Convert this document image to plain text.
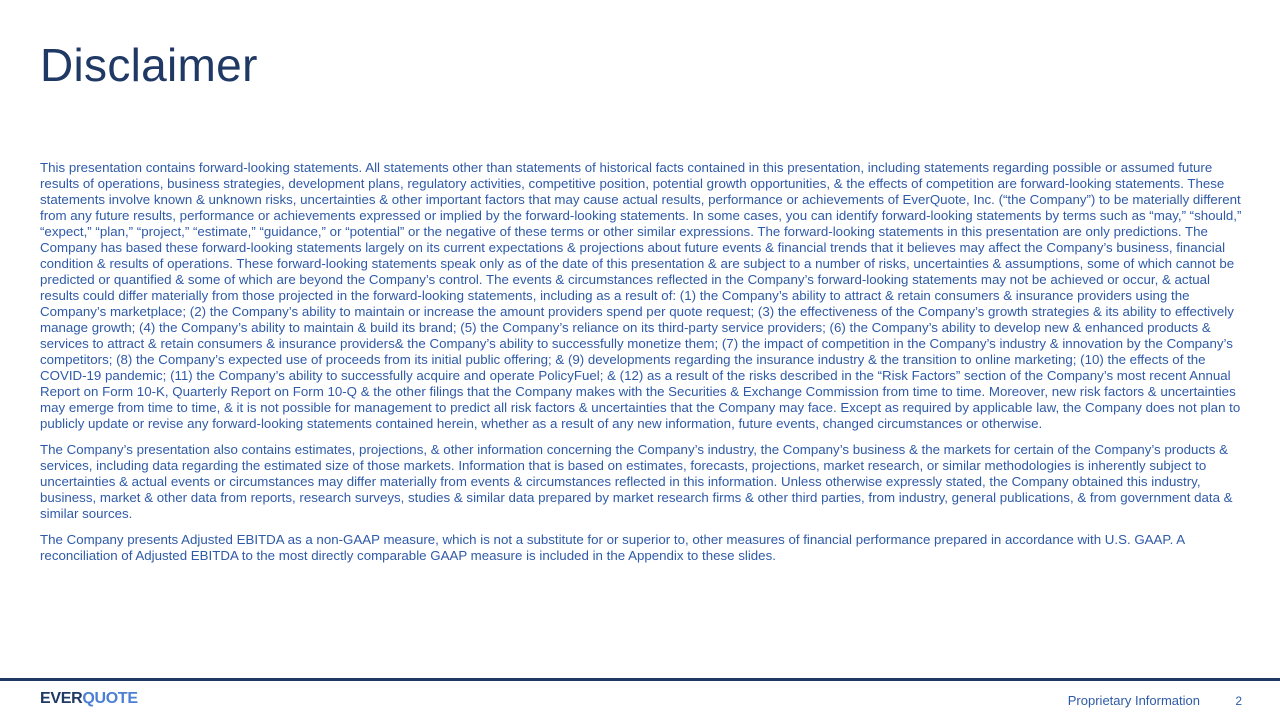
Disclaimer

This presentation contains forward-looking statements. All statements other than statements of historical facts contained in this presentation, including statements regarding possible or assumed future results of operations, business strategies, development plans, regulatory activities, competitive position, potential growth opportunities, & the effects of competition are forward-looking statements. These statements involve known & unknown risks, uncertainties & other important factors that may cause actual results, performance or achievements of EverQuote, Inc. (“the Company”) to be materially different from any future results, performance or achievements expressed or implied by the forward-looking statements. In some cases, you can identify forward-looking statements by terms such as “may,” “should,” “expect,” “plan,” “project,” “estimate,” “guidance,” or “potential” or the negative of these terms or other similar expressions. The forward-looking statements in this presentation are only predictions. The Company has based these forward-looking statements largely on its current expectations & projections about future events & financial trends that it believes may affect the Company’s business, financial condition & results of operations. These forward-looking statements speak only as of the date of this presentation & are subject to a number of risks, uncertainties & assumptions, some of which cannot be predicted or quantified & some of which are beyond the Company’s control. The events & circumstances reflected in the Company’s forward-looking statements may not be achieved or occur, & actual results could differ materially from those projected in the forward-looking statements, including as a result of: (1) the Company’s ability to attract & retain consumers & insurance providers using the Company’s marketplace; (2) the Company’s ability to maintain or increase the amount providers spend per quote request; (3) the effectiveness of the Company’s growth strategies & its ability to effectively manage growth; (4) the Company’s ability to maintain & build its brand; (5) the Company’s reliance on its third-party service providers; (6) the Company’s ability to develop new & enhanced products & services to attract & retain consumers & insurance providers& the Company’s ability to successfully monetize them; (7) the impact of competition in the Company’s industry & innovation by the Company’s competitors; (8) the Company’s expected use of proceeds from its initial public offering; & (9) developments regarding the insurance industry & the transition to online marketing; (10) the effects of the COVID-19 pandemic; (11) the Company’s ability to successfully acquire and operate PolicyFuel; & (12) as a result of the risks described in the “Risk Factors” section of the Company’s most recent Annual Report on Form 10-K, Quarterly Report on Form 10-Q & the other filings that the Company makes with the Securities & Exchange Commission from time to time. Moreover, new risk factors & uncertainties may emerge from time to time, & it is not possible for management to predict all risk factors & uncertainties that the Company may face. Except as required by applicable law, the Company does not plan to publicly update or revise any forward-looking statements contained herein, whether as a result of any new information, future events, changed circumstances or otherwise.

The Company’s presentation also contains estimates, projections, & other information concerning the Company’s industry, the Company’s business & the markets for certain of the Company’s products & services, including data regarding the estimated size of those markets. Information that is based on estimates, forecasts, projections, market research, or similar methodologies is inherently subject to uncertainties & actual events or circumstances may differ materially from events & circumstances reflected in this information. Unless otherwise expressly stated, the Company obtained this industry, business, market & other data from reports, research surveys, studies & similar data prepared by market research firms & other third parties, from industry, general publications, & from government data & similar sources.

The Company presents Adjusted EBITDA as a non-GAAP measure, which is not a substitute for or superior to, other measures of financial performance prepared in accordance with U.S. GAAP. A reconciliation of Adjusted EBITDA to the most directly comparable GAAP measure is included in the Appendix to these slides.

EVERQUOTE	Proprietary Information	2
